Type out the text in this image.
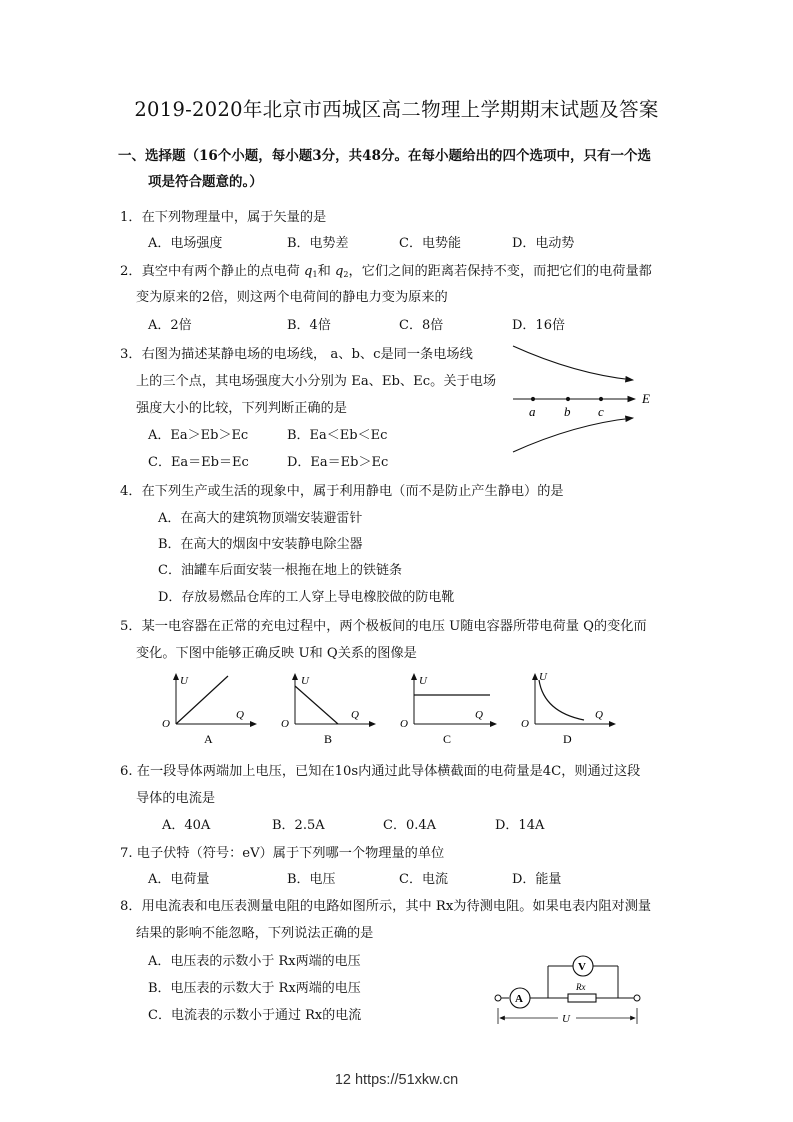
2019-2020年北京市西城区高二物理上学期期末试题及答案
一、选择题（16个小题，每小题3分，共48分。在每小题给出的四个选项中，只有一个选
项是符合题意的。）
1．在下列物理量中，属于矢量的是
A．电场强度	B．电势差	C．电势能	D．电动势
2．真空中有两个静止的点电荷 $q_1$和 $q_2$，它们之间的距离若保持不变，而把它们的电荷量都
变为原来的2倍，则这两个电荷间的静电力变为原来的
A．2倍	B．4倍	C．8倍	D．16倍
3．右图为描述某静电场的电场线， a、b、c是同一条电场线
上的三个点，其电场强度大小分别为 Ea、Eb、Ec。关于电场
强度大小的比较，下列判断正确的是
A．Ea＞Eb＞Ec	B．Ea＜Eb＜Ec
C．Ea＝Eb＝Ec	D．Ea＝Eb＞Ec
a b c
E
4．在下列生产或生活的现象中，属于利用静电（而不是防止产生静电）的是
A．在高大的建筑物顶端安装避雷针
B．在高大的烟囱中安装静电除尘器
C．油罐车后面安装一根拖在地上的铁链条
D．存放易燃品仓库的工人穿上导电橡胶做的防电靴
5．某一电容器在正常的充电过程中，两个极板间的电压 U随电容器所带电荷量 Q的变化而
变化。下图中能够正确反映 U和 Q关系的图像是
U
O
Q
A
U
O
Q
B
U
O
Q
C
U
O
Q
D
6. 在一段导体两端加上电压，已知在10s内通过此导体横截面的电荷量是4C，则通过这段
导体的电流是
A．40A	B．2.5A	C．0.4A	D．14A
7. 电子伏特（符号：eV）属于下列哪一个物理量的单位
A．电荷量	B．电压	C．电流	D．能量
8．用电流表和电压表测量电阻的电路如图所示，其中 Rx为待测电阻。如果电表内阻对测量
结果的影响不能忽略，下列说法正确的是
A．电压表的示数小于 Rx两端的电压
B．电压表的示数大于 Rx两端的电压
C．电流表的示数小于通过 Rx的电流
A
Rx
V
U
12 https://51xkw.cn
